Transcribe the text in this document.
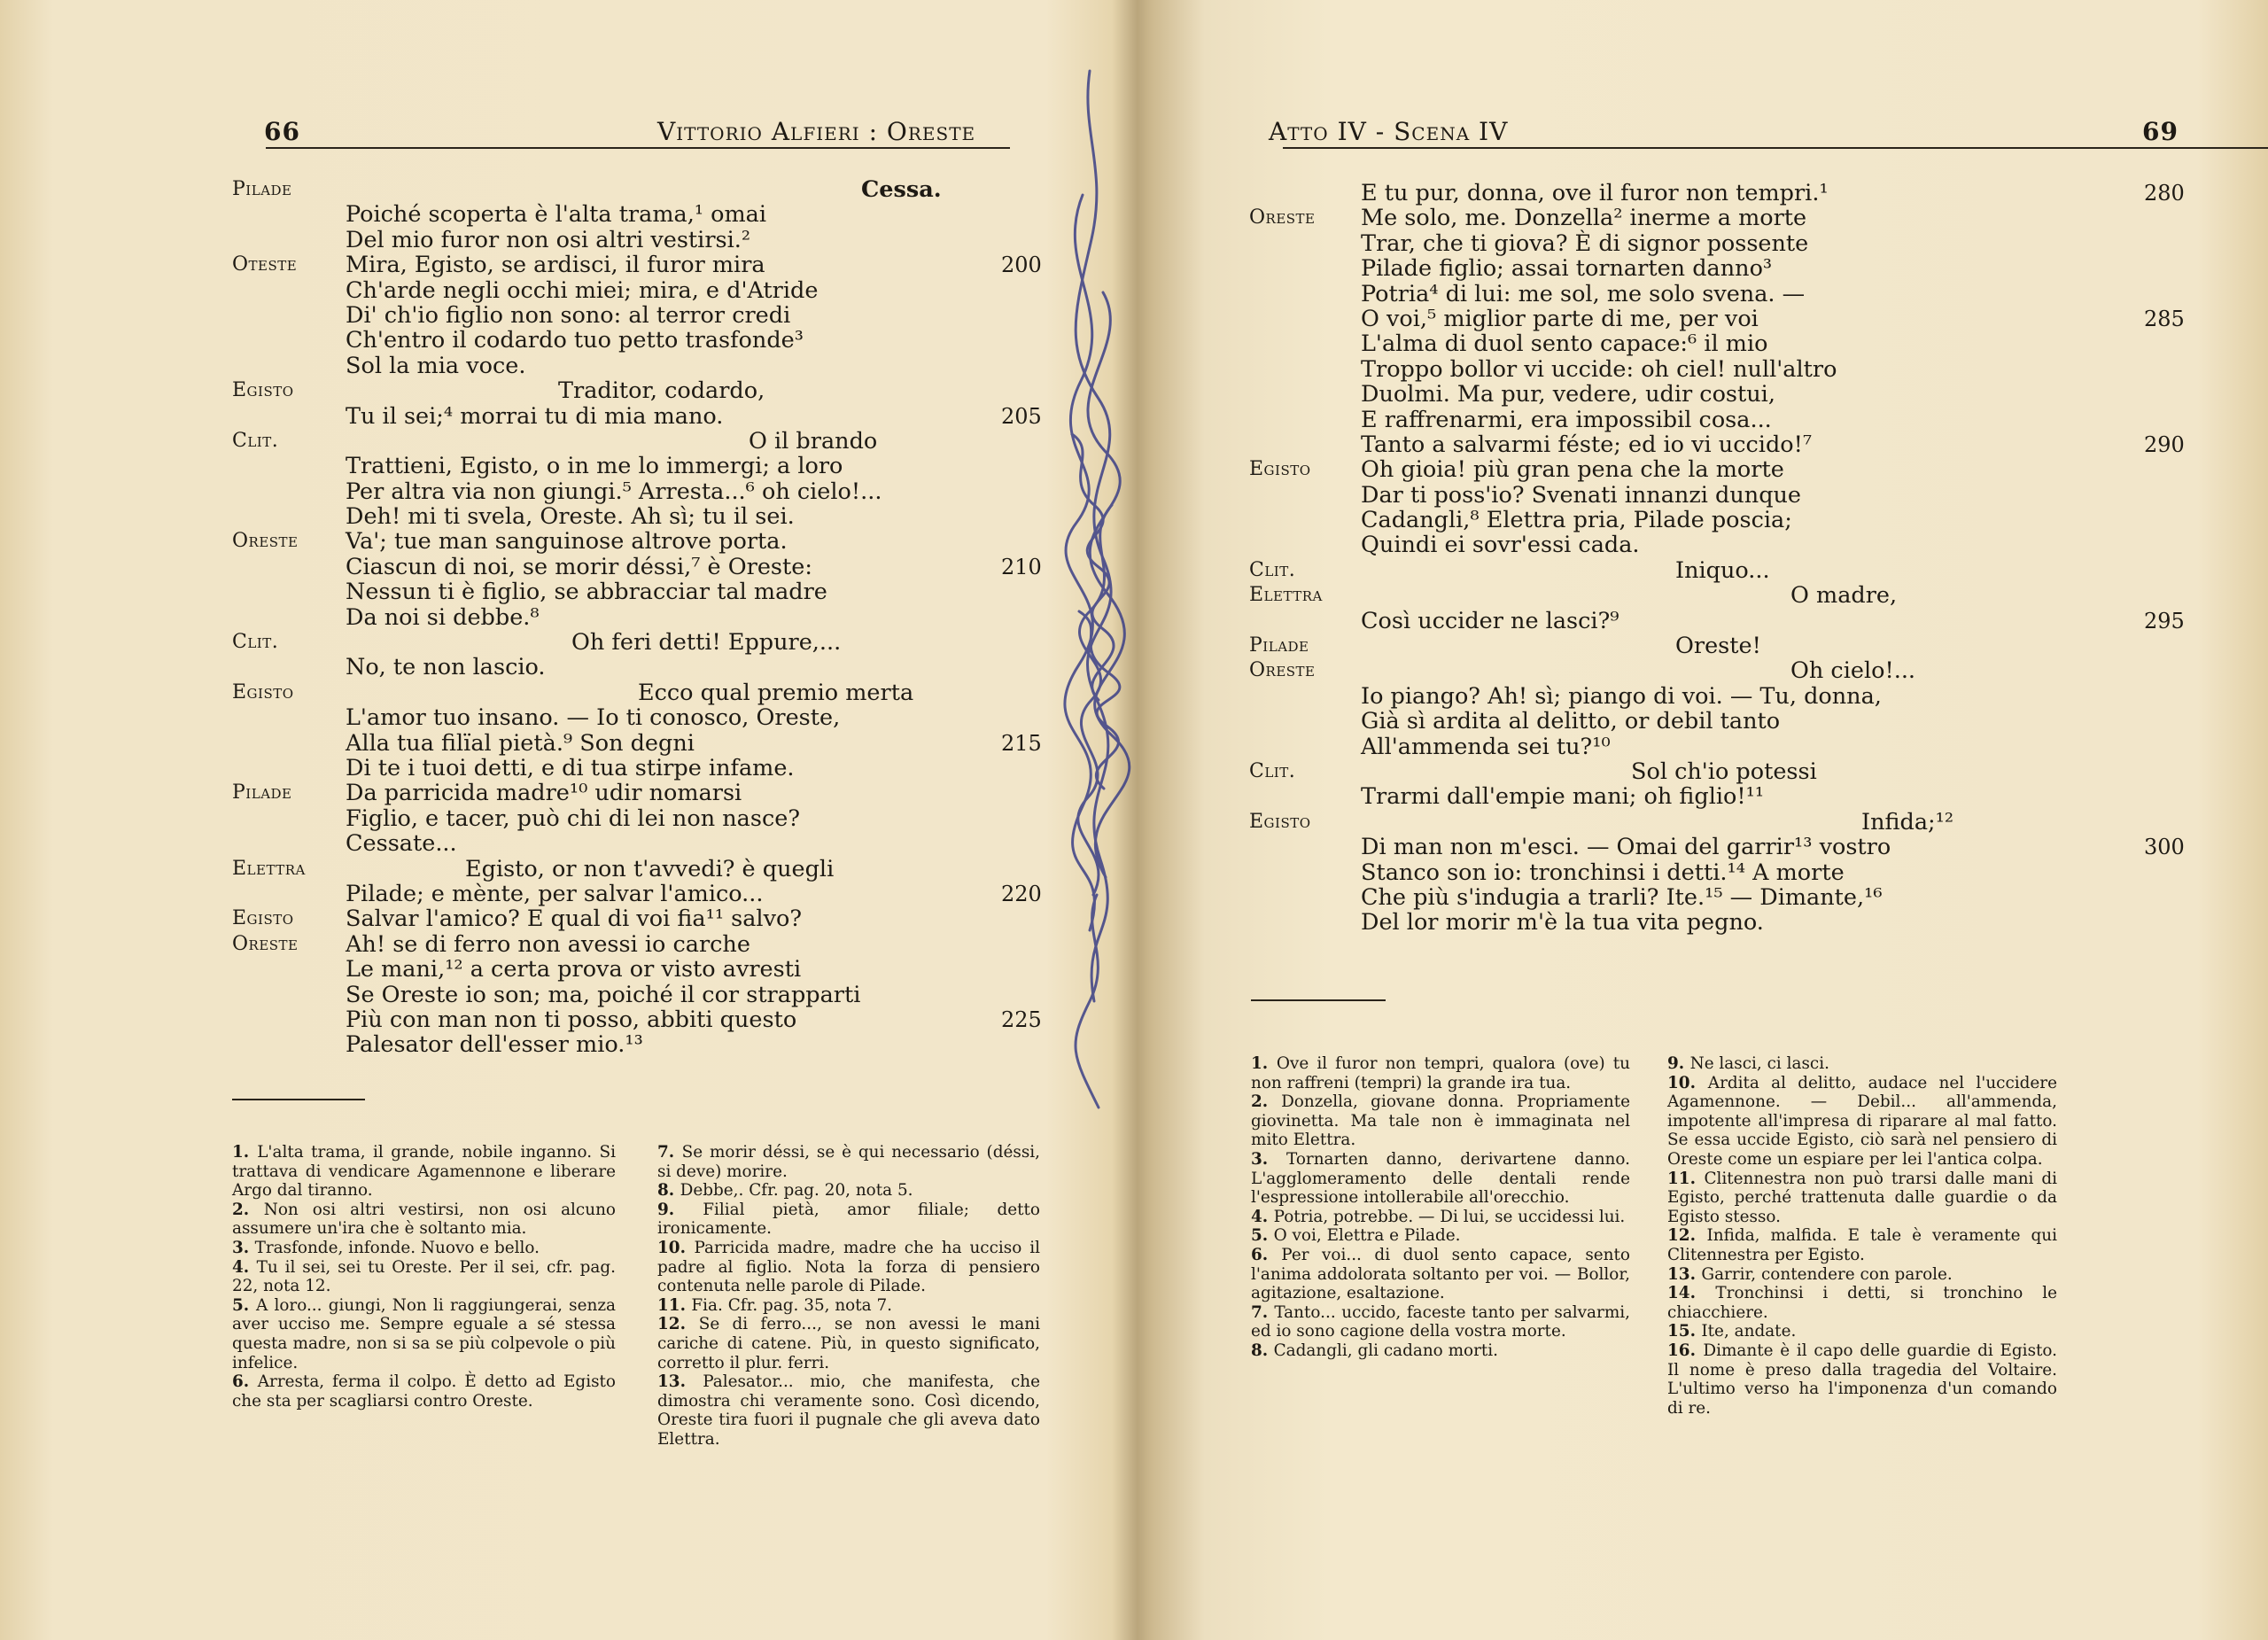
66	Vittorio Alfieri : Oreste
Pilade	Cessa.
Poiché scoperta è l'alta trama,¹ omai
Del mio furor non osi altri vestirsi.²
Oteste Mira, Egisto, se ardisci, il furor mira	200
Ch'arde negli occhi miei; mira, e d'Atride
Di' ch'io figlio non sono: al terror credi
Ch'entro il codardo tuo petto trasfonde³
Sol la mia voce.
Egisto	Traditor, codardo,
Tu il sei;⁴ morrai tu di mia mano.	205
Clit.	O il brando
Trattieni, Egisto, o in me lo immergi; a loro
Per altra via non giungi.⁵ Arresta...⁶ oh cielo!...
Deh! mi ti svela, Oreste. Ah sì; tu il sei.
Oreste Va'; tue man sanguinose altrove porta.
Ciascun di noi, se morir déssi,⁷ è Oreste:	210
Nessun ti è figlio, se abbracciar tal madre
Da noi si debbe.⁸
Clit.	Oh feri detti! Eppure,...
No, te non lascio.
Egisto	Ecco qual premio merta
L'amor tuo insano. — Io ti conosco, Oreste,
Alla tua filïal pietà.⁹ Son degni	215
Di te i tuoi detti, e di tua stirpe infame.
Pilade Da parricida madre¹⁰ udir nomarsi
Figlio, e tacer, può chi di lei non nasce?
Cessate...
Elettra	Egisto, or non t'avvedi? è quegli
Pilade; e mènte, per salvar l'amico...	220
Egisto Salvar l'amico? E qual di voi fia¹¹ salvo?
Oreste Ah! se di ferro non avessi io carche
Le mani,¹² a certa prova or visto avresti
Se Oreste io son; ma, poiché il cor strapparti
Più con man non ti posso, abbiti questo	225
Palesator dell'esser mio.¹³

1. L'alta trama, il grande, nobile inganno. Si trattava di vendicare Agamennone e liberare Argo dal tiranno.

2. Non osi altri vestirsi, non osi alcuno assumere un'ira che è soltanto mia.

3. Trasfonde, infonde. Nuovo e bello.

4. Tu il sei, sei tu Oreste. Per il sei, cfr. pag. 22, nota 12.

5. A loro... giungi, Non li raggiungerai, senza aver ucciso me. Sempre eguale a sé stessa questa madre, non si sa se più colpevole o più infelice.

6. Arresta, ferma il colpo. È detto ad Egisto che sta per scagliarsi contro Oreste.

7. Se morir déssi, se è qui necessario (déssi, si deve) morire.

8. Debbe,. Cfr. pag. 20, nota 5.

9. Filial pietà, amor filiale; detto ironicamente.

10. Parricida madre, madre che ha ucciso il padre al figlio. Nota la forza di pensiero contenuta nelle parole di Pilade.

11. Fia. Cfr. pag. 35, nota 7.

12. Se di ferro..., se non avessi le mani cariche di catene. Più, in questo significato, corretto il plur. ferri.

13. Palesator... mio, che manifesta, che dimostra chi veramente sono. Così dicendo, Oreste tira fuori il pugnale che gli aveva dato Elettra.

Atto IV - Scena IV	69
E tu pur, donna, ove il furor non tempri.¹	280
Oreste Me solo, me. Donzella² inerme a morte
Trar, che ti giova? È di signor possente
Pilade figlio; assai tornarten danno³
Potria⁴ di lui: me sol, me solo svena. —
O voi,⁵ miglior parte di me, per voi	285
L'alma di duol sento capace:⁶ il mio
Troppo bollor vi uccide: oh ciel! null'altro
Duolmi. Ma pur, vedere, udir costui,
E raffrenarmi, era impossibil cosa...
Tanto a salvarmi féste; ed io vi uccido!⁷	290
Egisto Oh gioia! più gran pena che la morte
Dar ti poss'io? Svenati innanzi dunque
Cadangli,⁸ Elettra pria, Pilade poscia;
Quindi ei sovr'essi cada.
Clit.	Iniquo...
Elettra	O madre,
Così uccider ne lasci?⁹	295
Pilade	Oreste!
Oreste	Oh cielo!...
Io piango? Ah! sì; piango di voi. — Tu, donna,
Già sì ardita al delitto, or debil tanto
All'ammenda sei tu?¹⁰
Clit.	Sol ch'io potessi
Trarmi dall'empie mani; oh figlio!¹¹
Egisto	Infida;¹²
Di man non m'esci. — Omai del garrir¹³ vostro	300
Stanco son io: tronchinsi i detti.¹⁴ A morte
Che più s'indugia a trarli? Ite.¹⁵ — Dimante,¹⁶
Del lor morir m'è la tua vita pegno.

1. Ove il furor non tempri, qualora (ove) tu non raffreni (tempri) la grande ira tua.

2. Donzella, giovane donna. Propriamente giovinetta. Ma tale non è immaginata nel mito Elettra.

3. Tornarten danno, derivartene danno. L'agglomeramento delle dentali rende l'espressione intollerabile all'orecchio.

4. Potria, potrebbe. — Di lui, se uccidessi lui.

5. O voi, Elettra e Pilade.

6. Per voi... di duol sento capace, sento l'anima addolorata soltanto per voi. — Bollor, agitazione, esaltazione.

7. Tanto... uccido, faceste tanto per salvarmi, ed io sono cagione della vostra morte.

8. Cadangli, gli cadano morti.

9. Ne lasci, ci lasci.

10. Ardita al delitto, audace nel l'uccidere Agamennone. — Debil... all'ammenda, impotente all'impresa di riparare al mal fatto. Se essa uccide Egisto, ciò sarà nel pensiero di Oreste come un espiare per lei l'antica colpa.

11. Clitennestra non può trarsi dalle mani di Egisto, perché trattenuta dalle guardie o da Egisto stesso.

12. Infida, malfida. E tale è veramente qui Clitennestra per Egisto.

13. Garrir, contendere con parole.

14. Tronchinsi i detti, si tronchino le chiacchiere.

15. Ite, andate.

16. Dimante è il capo delle guardie di Egisto. Il nome è preso dalla tragedia del Voltaire. L'ultimo verso ha l'imponenza d'un comando di re.
